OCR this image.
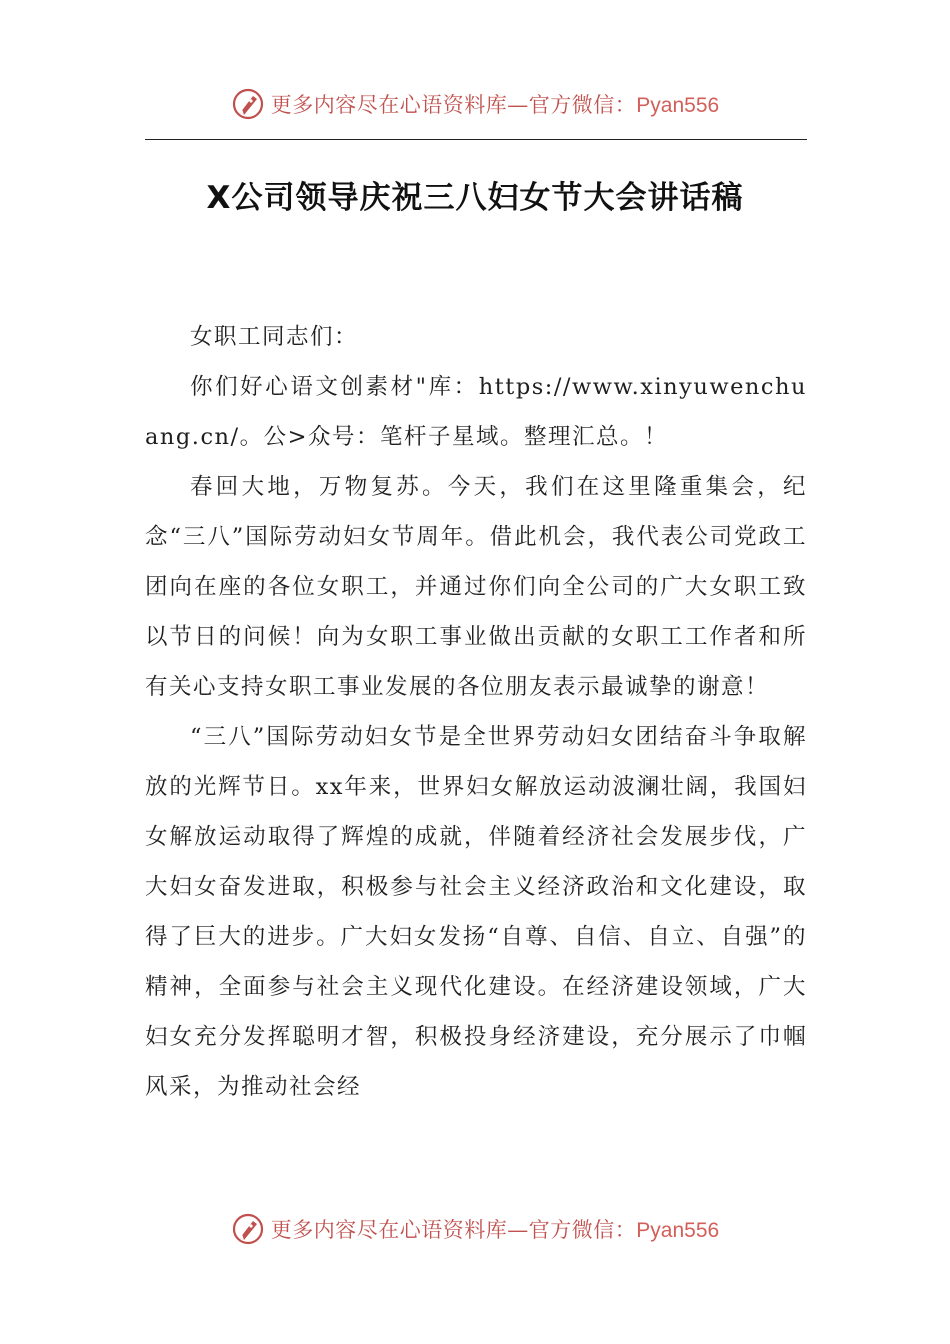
更多内容尽在心语资料库—官方微信：Pyan556
X公司领导庆祝三八妇女节大会讲话稿

女职工同志们：

你们好心语文创素材"库：https://www.xinyuwenchuang.cn/。公>众号：笔杆子星域。整理汇总。！

春回大地，万物复苏。今天，我们在这里隆重集会，纪念“三八”国际劳动妇女节周年。借此机会，我代表公司党政工团向在座的各位女职工，并通过你们向全公司的广大女职工致以节日的问候！向为女职工事业做出贡献的女职工工作者和所有关心支持女职工事业发展的各位朋友表示最诚挚的谢意！

“三八”国际劳动妇女节是全世界劳动妇女团结奋斗争取解放的光辉节日。xx年来，世界妇女解放运动波澜壮阔，我国妇女解放运动取得了辉煌的成就，伴随着经济社会发展步伐，广大妇女奋发进取，积极参与社会主义经济政治和文化建设，取得了巨大的进步。广大妇女发扬“自尊、自信、自立、自强”的精神，全面参与社会主义现代化建设。在经济建设领域，广大妇女充分发挥聪明才智，积极投身经济建设，充分展示了巾帼风采，为推动社会经

更多内容尽在心语资料库—官方微信：Pyan556
